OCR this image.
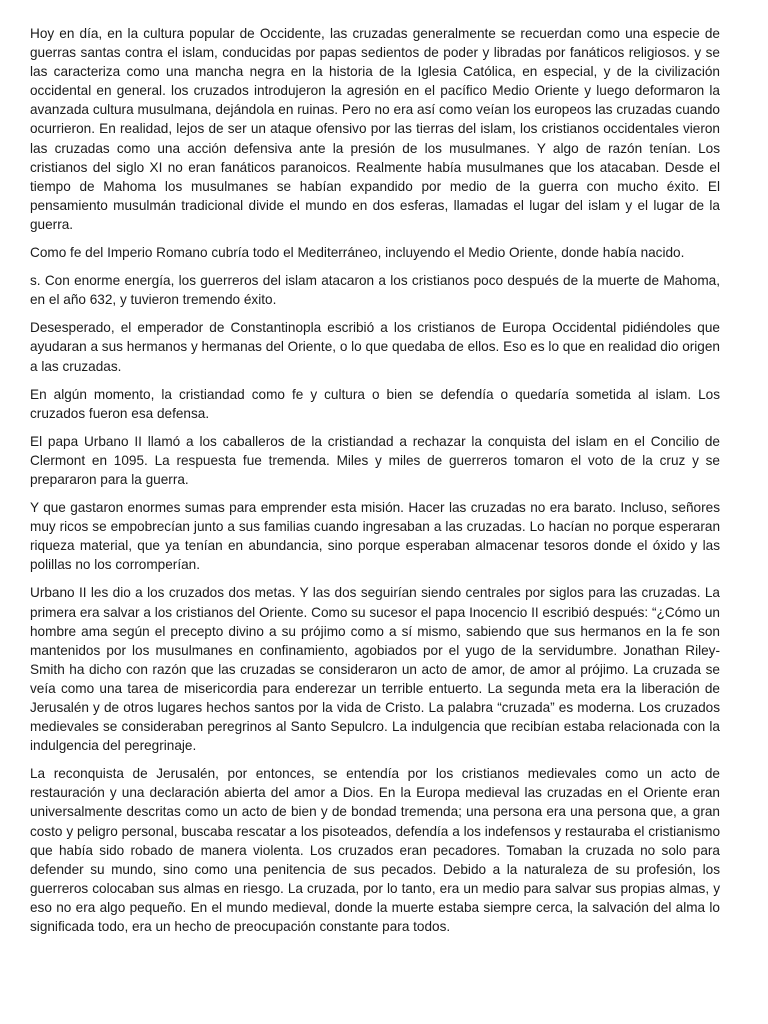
Hoy en día, en la cultura popular de Occidente, las cruzadas generalmente se recuerdan como una especie de guerras santas contra el islam, conducidas por papas sedientos de poder y libradas por fanáticos religiosos. y se las caracteriza como una mancha negra en la historia de la Iglesia Católica, en especial, y de la civilización occidental en general. los cruzados introdujeron la agresión en el pacífico Medio Oriente y luego deformaron la avanzada cultura musulmana, dejándola en ruinas. Pero no era así como veían los europeos las cruzadas cuando ocurrieron. En realidad, lejos de ser un ataque ofensivo por las tierras del islam, los cristianos occidentales vieron las cruzadas como una acción defensiva ante la presión de los musulmanes. Y algo de razón tenían. Los cristianos del siglo XI no eran fanáticos paranoicos. Realmente había musulmanes que los atacaban. Desde el tiempo de Mahoma los musulmanes se habían expandido por medio de la guerra con mucho éxito. El pensamiento musulmán tradicional divide el mundo en dos esferas, llamadas el lugar del islam y el lugar de la guerra.

Como fe del Imperio Romano cubría todo el Mediterráneo, incluyendo el Medio Oriente, donde había nacido.

s. Con enorme energía, los guerreros del islam atacaron a los cristianos poco después de la muerte de Mahoma, en el año 632, y tuvieron tremendo éxito.

Desesperado, el emperador de Constantinopla escribió a los cristianos de Europa Occidental pidiéndoles que ayudaran a sus hermanos y hermanas del Oriente, o lo que quedaba de ellos. Eso es lo que en realidad dio origen a las cruzadas.

En algún momento, la cristiandad como fe y cultura o bien se defendía o quedaría sometida al islam. Los cruzados fueron esa defensa.

El papa Urbano II llamó a los caballeros de la cristiandad a rechazar la conquista del islam en el Concilio de Clermont en 1095. La respuesta fue tremenda. Miles y miles de guerreros tomaron el voto de la cruz y se prepararon para la guerra.

Y que gastaron enormes sumas para emprender esta misión. Hacer las cruzadas no era barato. Incluso, señores muy ricos se empobrecían junto a sus familias cuando ingresaban a las cruzadas. Lo hacían no porque esperaran riqueza material, que ya tenían en abundancia, sino porque esperaban almacenar tesoros donde el óxido y las polillas no los corromperían.

Urbano II les dio a los cruzados dos metas. Y las dos seguirían siendo centrales por siglos para las cruzadas. La primera era salvar a los cristianos del Oriente. Como su sucesor el papa Inocencio II escribió después: “¿Cómo un hombre ama según el precepto divino a su prójimo como a sí mismo, sabiendo que sus hermanos en la fe son mantenidos por los musulmanes en confinamiento, agobiados por el yugo de la servidumbre. Jonathan Riley-Smith ha dicho con razón que las cruzadas se consideraron un acto de amor, de amor al prójimo. La cruzada se veía como una tarea de misericordia para enderezar un terrible entuerto. La segunda meta era la liberación de Jerusalén y de otros lugares hechos santos por la vida de Cristo. La palabra “cruzada” es moderna. Los cruzados medievales se consideraban peregrinos al Santo Sepulcro. La indulgencia que recibían estaba relacionada con la indulgencia del peregrinaje.

La reconquista de Jerusalén, por entonces, se entendía por los cristianos medievales como un acto de restauración y una declaración abierta del amor a Dios. En la Europa medieval las cruzadas en el Oriente eran universalmente descritas como un acto de bien y de bondad tremenda; una persona era una persona que, a gran costo y peligro personal, buscaba rescatar a los pisoteados, defendía a los indefensos y restauraba el cristianismo que había sido robado de manera violenta. Los cruzados eran pecadores. Tomaban la cruzada no solo para defender su mundo, sino como una penitencia de sus pecados. Debido a la naturaleza de su profesión, los guerreros colocaban sus almas en riesgo. La cruzada, por lo tanto, era un medio para salvar sus propias almas, y eso no era algo pequeño. En el mundo medieval, donde la muerte estaba siempre cerca, la salvación del alma lo significada todo, era un hecho de preocupación constante para todos.
